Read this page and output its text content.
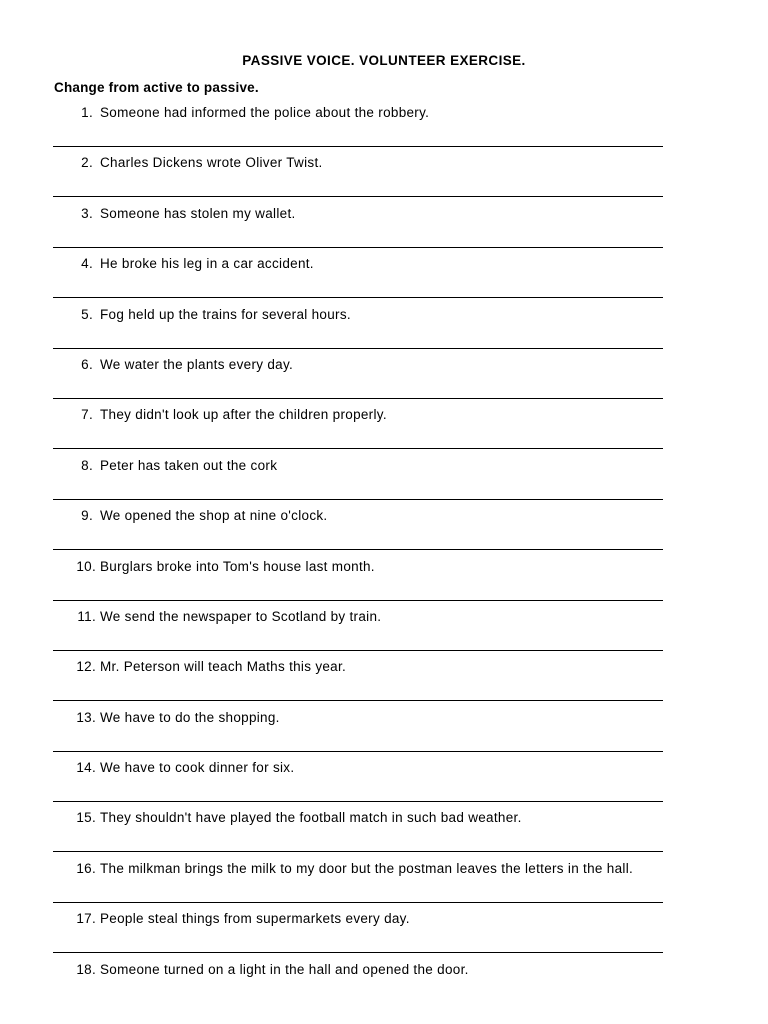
PASSIVE VOICE. VOLUNTEER EXERCISE.
Change from active to passive.
1. Someone had informed the police about the robbery.
2. Charles Dickens wrote Oliver Twist.
3. Someone has stolen my wallet.
4. He broke his leg in a car accident.
5. Fog held up the trains for several hours.
6. We water the plants every day.
7. They didn't look up after the children properly.
8. Peter has taken out the cork
9. We opened the shop at nine o'clock.
10. Burglars broke into Tom's house last month.
11. We send the newspaper to Scotland by train.
12. Mr. Peterson will teach Maths this year.
13. We have to do the shopping.
14. We have to cook dinner for six.
15. They shouldn't have played the football match in such bad weather.
16. The milkman brings the milk to my door but the postman leaves the letters in the hall.
17. People steal things from supermarkets every day.
18. Someone turned on a light in the hall and opened the door.
